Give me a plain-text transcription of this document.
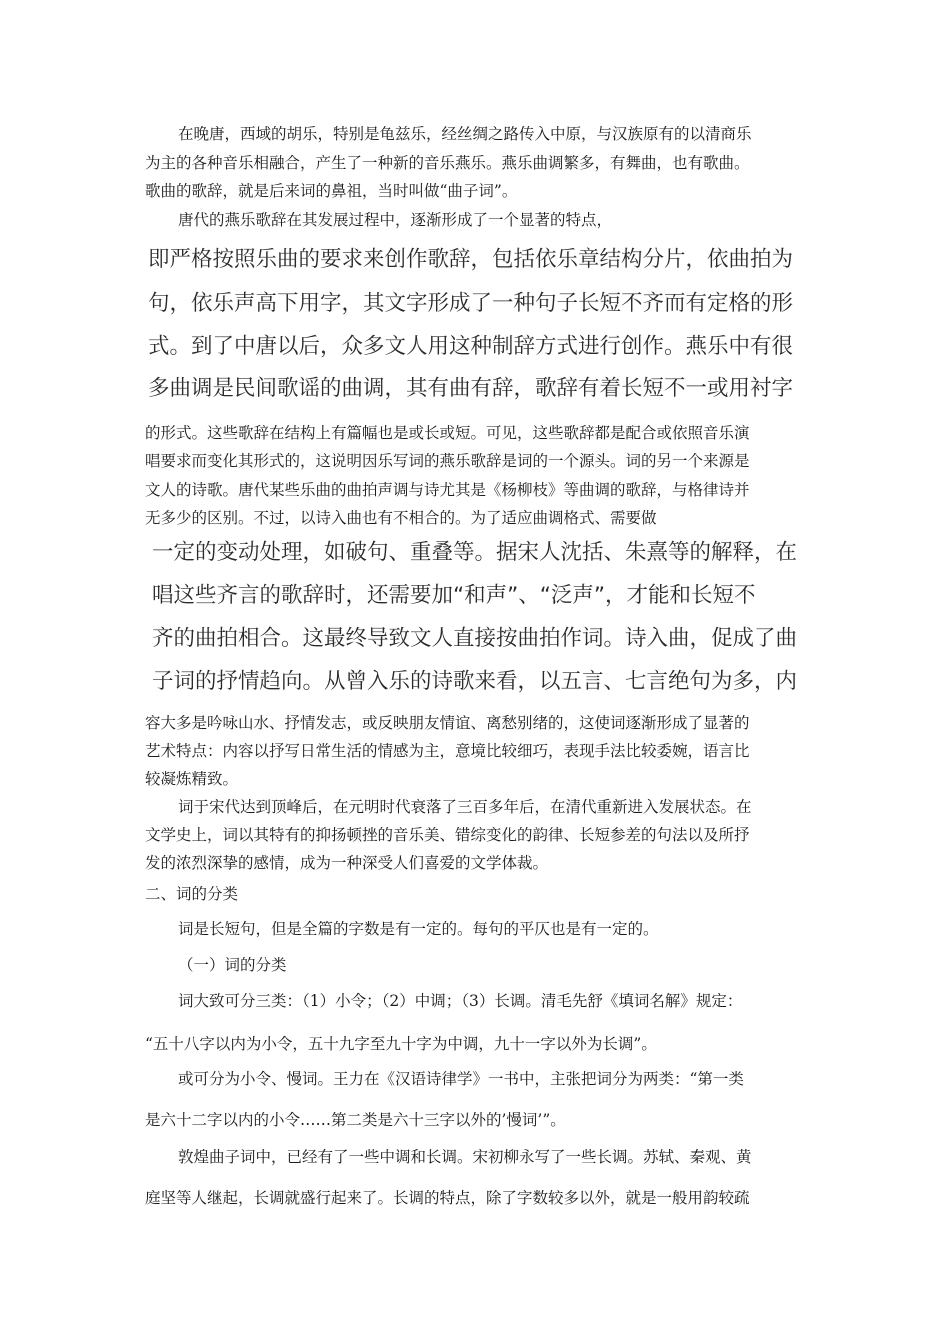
在晚唐，西域的胡乐，特别是龟兹乐，经丝绸之路传入中原，与汉族原有的以清商乐
为主的各种音乐相融合，产生了一种新的音乐燕乐。燕乐曲调繁多，有舞曲，也有歌曲。
歌曲的歌辞，就是后来词的鼻祖，当时叫做“曲子词”。
唐代的燕乐歌辞在其发展过程中，逐渐形成了一个显著的特点，
即严格按照乐曲的要求来创作歌辞，包括依乐章结构分片，依曲拍为
句，依乐声高下用字，其文字形成了一种句子长短不齐而有定格的形
式。到了中唐以后，众多文人用这种制辞方式进行创作。燕乐中有很
多曲调是民间歌谣的曲调，其有曲有辞，歌辞有着长短不一或用衬字
的形式。这些歌辞在结构上有篇幅也是或长或短。可见，这些歌辞都是配合或依照音乐演
唱要求而变化其形式的，这说明因乐写词的燕乐歌辞是词的一个源头。词的另一个来源是
文人的诗歌。唐代某些乐曲的曲拍声调与诗尤其是《杨柳枝》等曲调的歌辞，与格律诗并
无多少的区别。不过，以诗入曲也有不相合的。为了适应曲调格式、需要做
一定的变动处理，如破句、重叠等。据宋人沈括、朱熹等的解释，在
唱这些齐言的歌辞时，还需要加“和声”、“泛声”，才能和长短不
齐的曲拍相合。这最终导致文人直接按曲拍作词。诗入曲，促成了曲
子词的抒情趋向。从曾入乐的诗歌来看，以五言、七言绝句为多，内
容大多是吟咏山水、抒情发志，或反映朋友情谊、离愁别绪的，这使词逐渐形成了显著的
艺术特点：内容以抒写日常生活的情感为主，意境比较细巧，表现手法比较委婉，语言比
较凝炼精致。
词于宋代达到顶峰后，在元明时代衰落了三百多年后，在清代重新进入发展状态。在
文学史上，词以其特有的抑扬顿挫的音乐美、错综变化的韵律、长短参差的句法以及所抒
发的浓烈深挚的感情，成为一种深受人们喜爱的文学体裁。
二、词的分类
词是长短句，但是全篇的字数是有一定的。每句的平仄也是有一定的。
（一）词的分类
词大致可分三类：（1）小令；（2）中调；（3）长调。清毛先舒《填词名解》规定：
“五十八字以内为小令，五十九字至九十字为中调，九十一字以外为长调”。
或可分为小令、慢词。王力在《汉语诗律学》一书中，主张把词分为两类：“第一类
是六十二字以内的小令……第二类是六十三字以外的’慢词’”。
敦煌曲子词中，已经有了一些中调和长调。宋初柳永写了一些长调。苏轼、秦观、黄
庭坚等人继起，长调就盛行起来了。长调的特点，除了字数较多以外，就是一般用韵较疏
